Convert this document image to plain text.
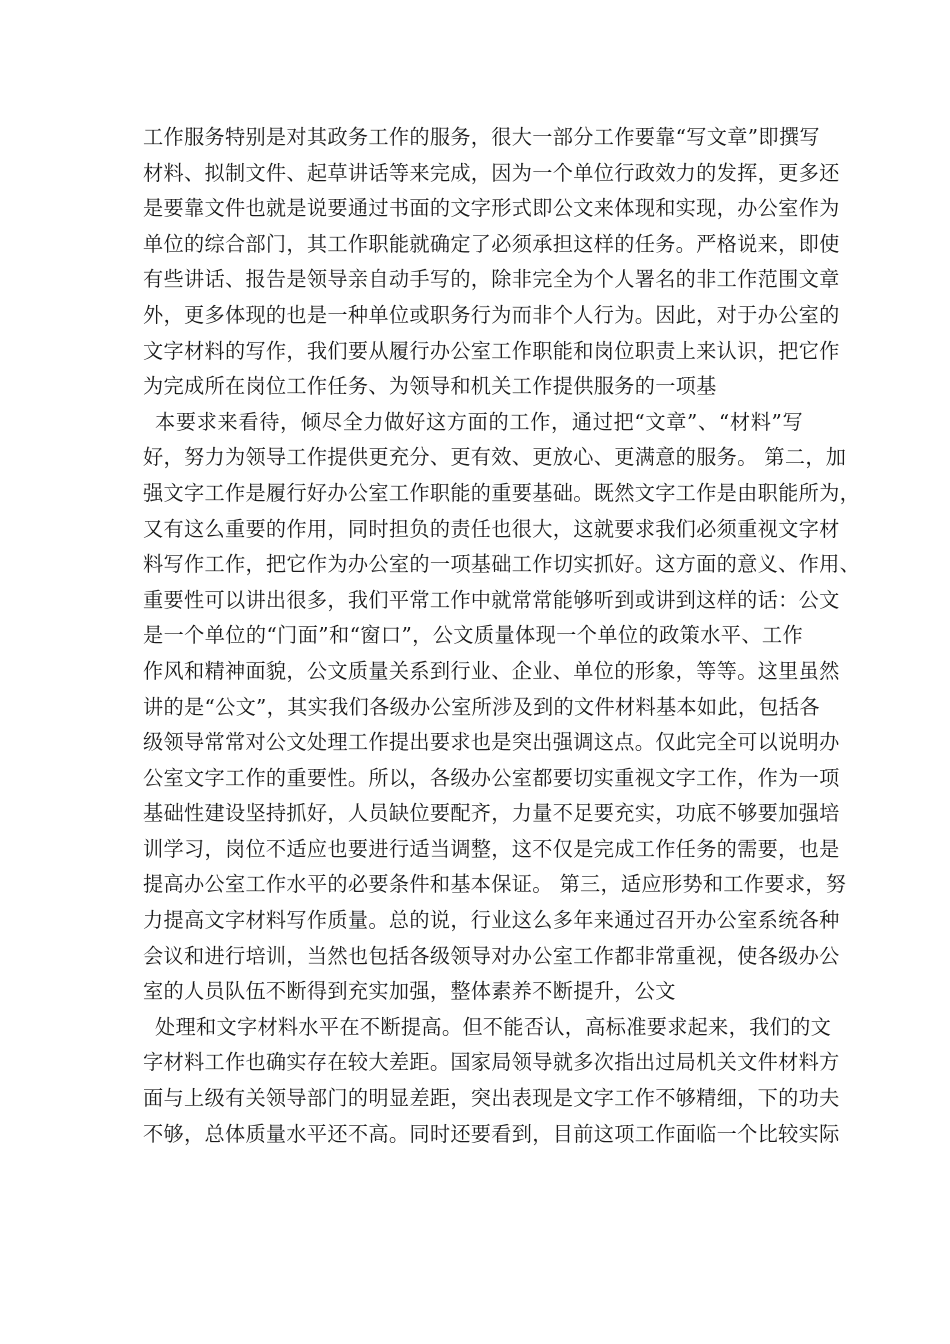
工作服务特别是对其政务工作的服务，很大一部分工作要靠“写文章”即撰写
材料、拟制文件、起草讲话等来完成，因为一个单位行政效力的发挥，更多还
是要靠文件也就是说要通过书面的文字形式即公文来体现和实现，办公室作为
单位的综合部门，其工作职能就确定了必须承担这样的任务。严格说来，即使
有些讲话、报告是领导亲自动手写的，除非完全为个人署名的非工作范围文章
外，更多体现的也是一种单位或职务行为而非个人行为。因此，对于办公室的
文字材料的写作，我们要从履行办公室工作职能和岗位职责上来认识，把它作
为完成所在岗位工作任务、为领导和机关工作提供服务的一项基

本要求来看待，倾尽全力做好这方面的工作，通过把“文章”、“材料”写
好，努力为领导工作提供更充分、更有效、更放心、更满意的服务。 第二，加
强文字工作是履行好办公室工作职能的重要基础。既然文字工作是由职能所为，
又有这么重要的作用，同时担负的责任也很大，这就要求我们必须重视文字材
料写作工作，把它作为办公室的一项基础工作切实抓好。这方面的意义、作用、
重要性可以讲出很多，我们平常工作中就常常能够听到或讲到这样的话：公文
是一个单位的“门面”和“窗口”，公文质量体现一个单位的政策水平、工作
作风和精神面貌，公文质量关系到行业、企业、单位的形象，等等。这里虽然
讲的是“公文”，其实我们各级办公室所涉及到的文件材料基本如此，包括各
级领导常常对公文处理工作提出要求也是突出强调这点。仅此完全可以说明办
公室文字工作的重要性。所以，各级办公室都要切实重视文字工作，作为一项
基础性建设坚持抓好，人员缺位要配齐，力量不足要充实，功底不够要加强培
训学习，岗位不适应也要进行适当调整，这不仅是完成工作任务的需要，也是
提高办公室工作水平的必要条件和基本保证。 第三，适应形势和工作要求，努
力提高文字材料写作质量。总的说，行业这么多年来通过召开办公室系统各种
会议和进行培训，当然也包括各级领导对办公室工作都非常重视，使各级办公
室的人员队伍不断得到充实加强，整体素养不断提升，公文

处理和文字材料水平在不断提高。但不能否认，高标准要求起来，我们的文
字材料工作也确实存在较大差距。国家局领导就多次指出过局机关文件材料方
面与上级有关领导部门的明显差距，突出表现是文字工作不够精细，下的功夫
不够，总体质量水平还不高。同时还要看到，目前这项工作面临一个比较实际
